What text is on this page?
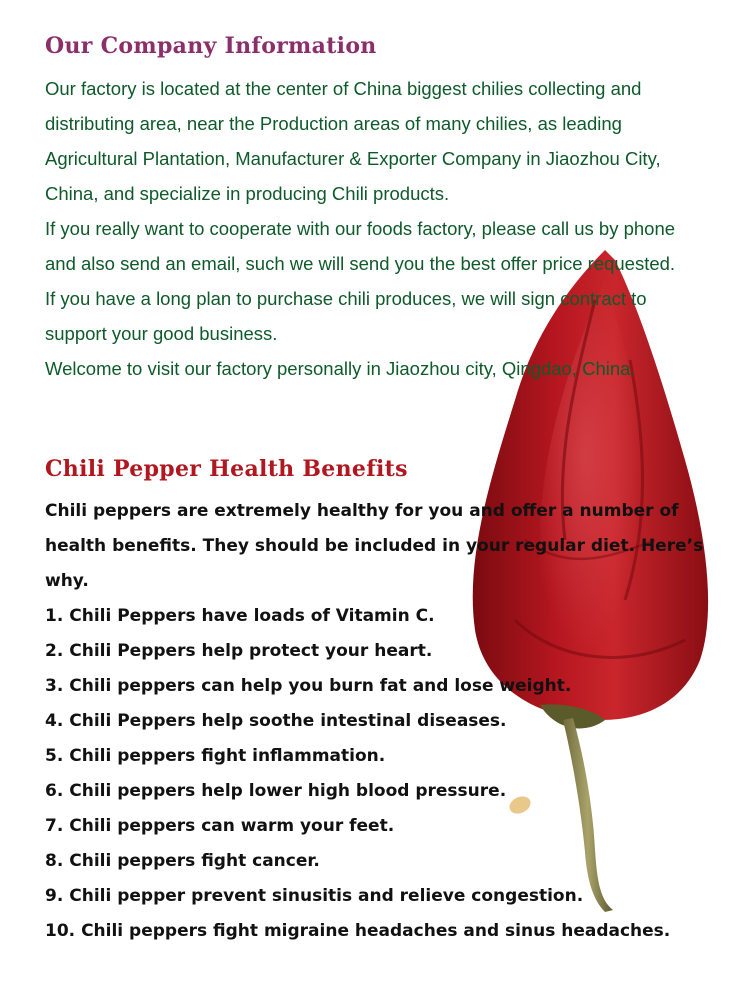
Our Company Information

Our factory is located at the center of China biggest chilies collecting and distributing area, near the Production areas of many chilies, as leading Agricultural Plantation, Manufacturer & Exporter Company in Jiaozhou City, China, and specialize in producing Chili products.

If you really want to cooperate with our foods factory, please call us by phone and also send an email, such we will send you the best offer price requested.

If you have a long plan to purchase chili produces, we will sign contract to support your good business.

Welcome to visit our factory personally in Jiaozhou city, Qingdao, China.

Chili Pepper Health Benefits

Chili peppers are extremely healthy for you and offer a number of health benefits. They should be included in your regular diet. Here’s why.

1 . Chili Peppers have loads of Vitamin C.
2 . Chili Peppers help protect your heart.
3 . Chili peppers can help you burn fat and lose weight.
4 . Chili Peppers help soothe intestinal diseases.
5 . Chili peppers fight inflammation.
6 . Chili peppers help lower high blood pressure.
7 . Chili peppers can warm your feet.
8 . Chili peppers fight cancer.
9 . Chili pepper prevent sinusitis and relieve congestion.
10 . Chili peppers fight migraine headaches and sinus headaches.
